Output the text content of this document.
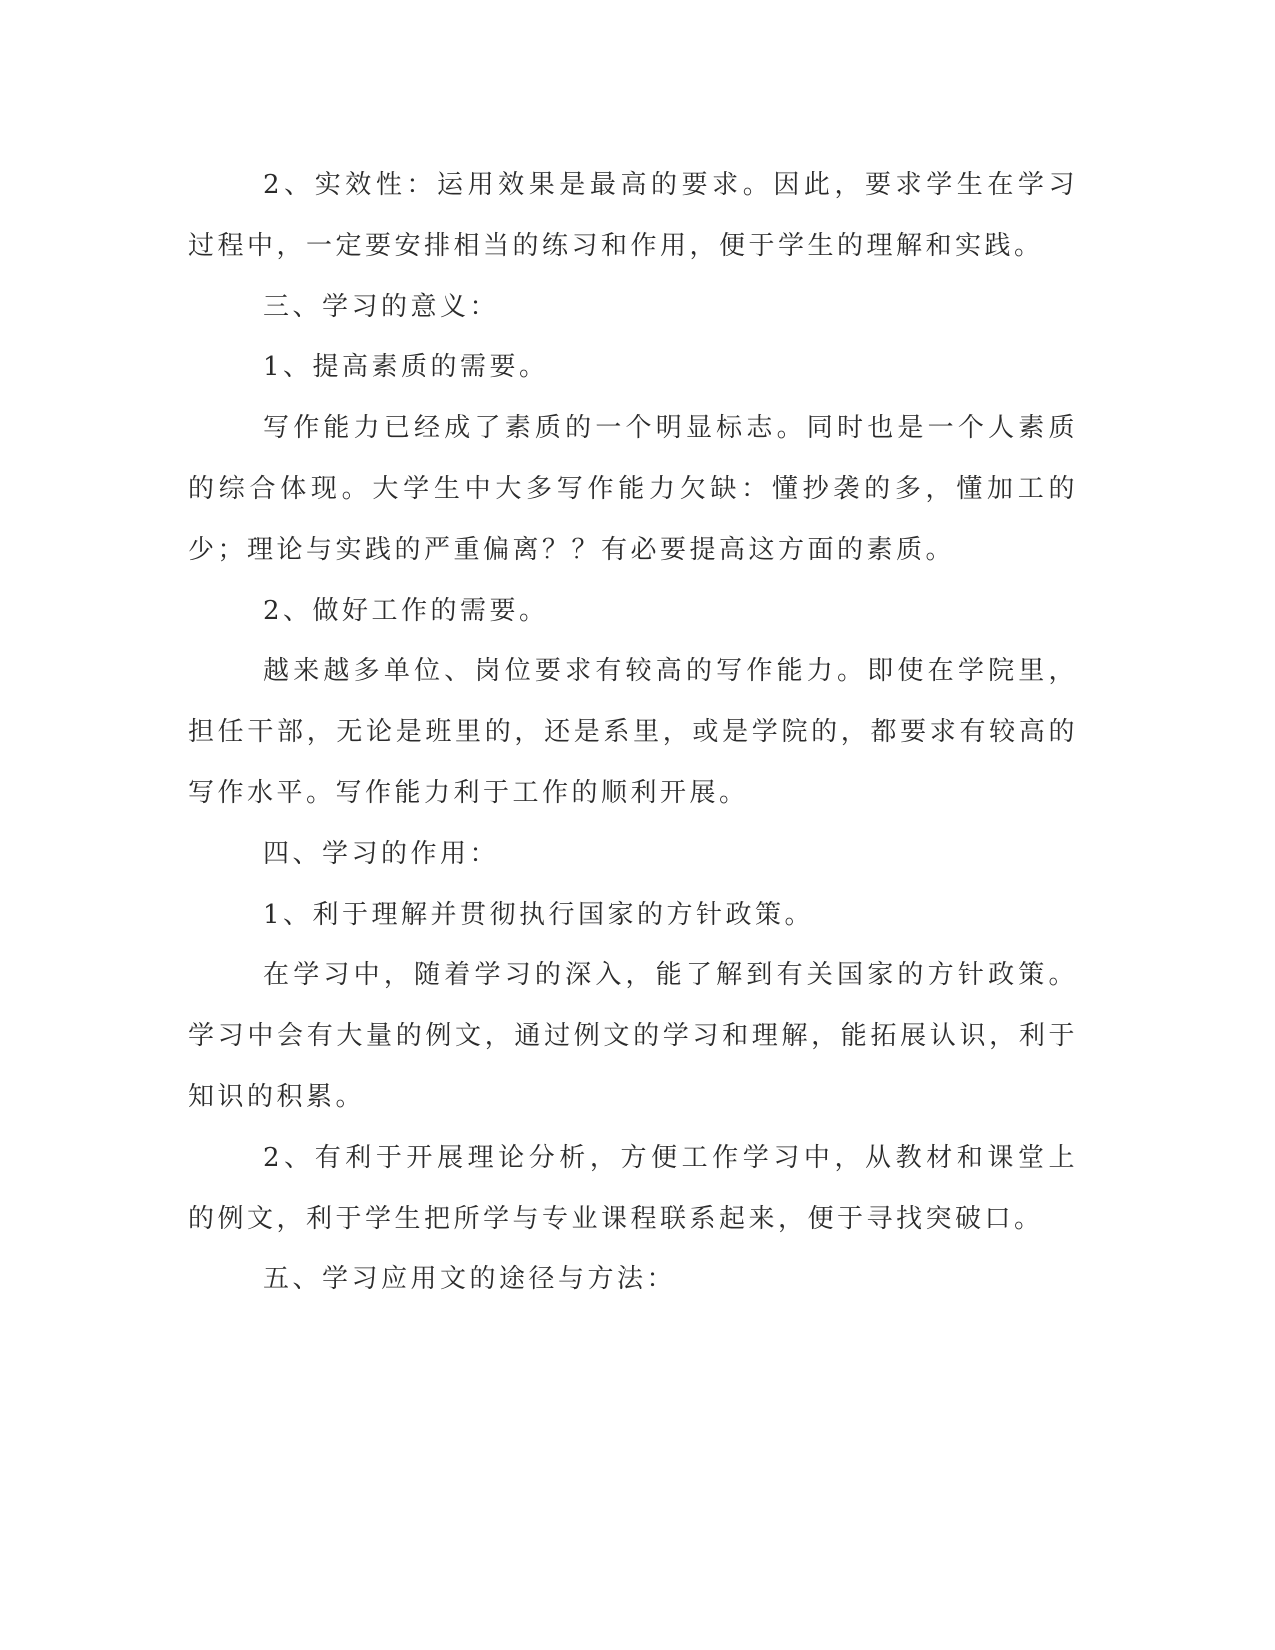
2、实效性：运用效果是最高的要求。因此，要求学生在学习过程中，一定要安排相当的练习和作用，便于学生的理解和实践。

三、学习的意义：

1、提高素质的需要。

写作能力已经成了素质的一个明显标志。同时也是一个人素质的综合体现。大学生中大多写作能力欠缺：懂抄袭的多，懂加工的少；理论与实践的严重偏离？？有必要提高这方面的素质。

2、做好工作的需要。

越来越多单位、岗位要求有较高的写作能力。即使在学院里，担任干部，无论是班里的，还是系里，或是学院的，都要求有较高的写作水平。写作能力利于工作的顺利开展。

四、学习的作用：

1、利于理解并贯彻执行国家的方针政策。

在学习中，随着学习的深入，能了解到有关国家的方针政策。学习中会有大量的例文，通过例文的学习和理解，能拓展认识，利于知识的积累。

2、有利于开展理论分析，方便工作学习中，从教材和课堂上的例文，利于学生把所学与专业课程联系起来，便于寻找突破口。

五、学习应用文的途径与方法：
